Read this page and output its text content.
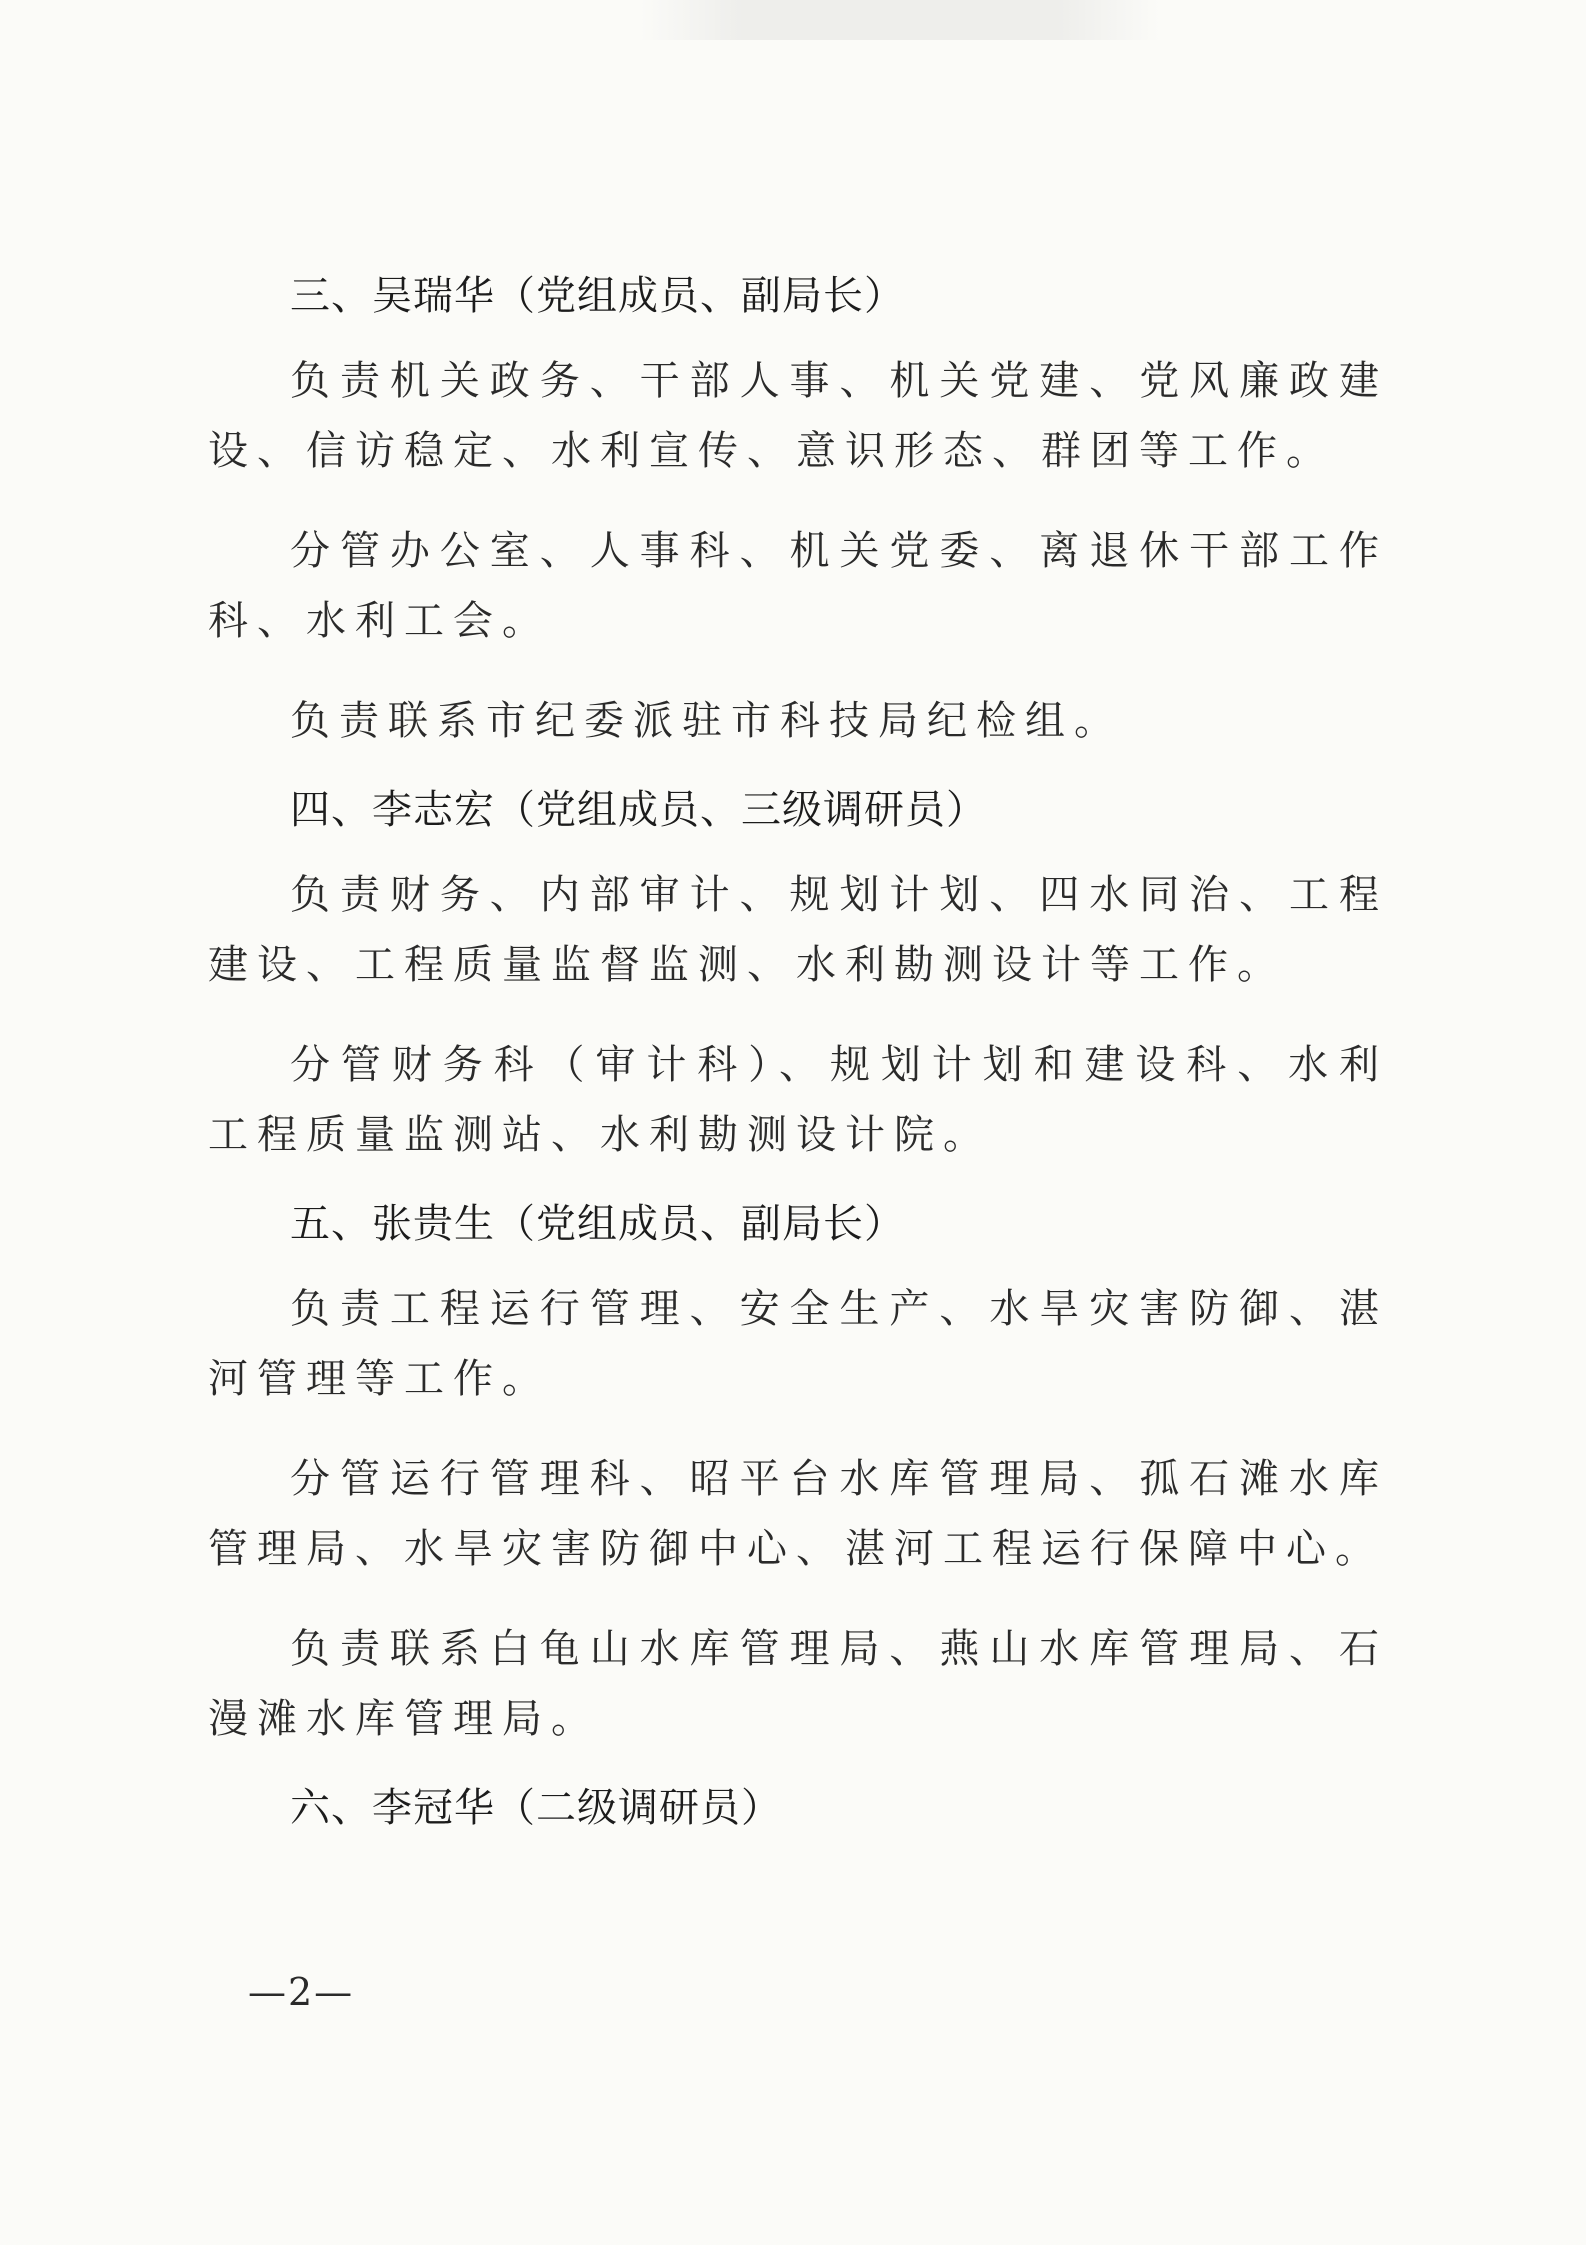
三、吴瑞华（党组成员、副局长）

负责机关政务、干部人事、机关党建、党风廉政建设、信访稳定、水利宣传、意识形态、群团等工作。

分管办公室、人事科、机关党委、离退休干部工作科、水利工会。

负责联系市纪委派驻市科技局纪检组。

四、李志宏（党组成员、三级调研员）

负责财务、内部审计、规划计划、四水同治、工程建设、工程质量监督监测、水利勘测设计等工作。

分管财务科（审计科）、规划计划和建设科、水利工程质量监测站、水利勘测设计院。

五、张贵生（党组成员、副局长）

负责工程运行管理、安全生产、水旱灾害防御、湛河管理等工作。

分管运行管理科、昭平台水库管理局、孤石滩水库管理局、水旱灾害防御中心、湛河工程运行保障中心。

负责联系白龟山水库管理局、燕山水库管理局、石漫滩水库管理局。

六、李冠华（二级调研员）

—2—
